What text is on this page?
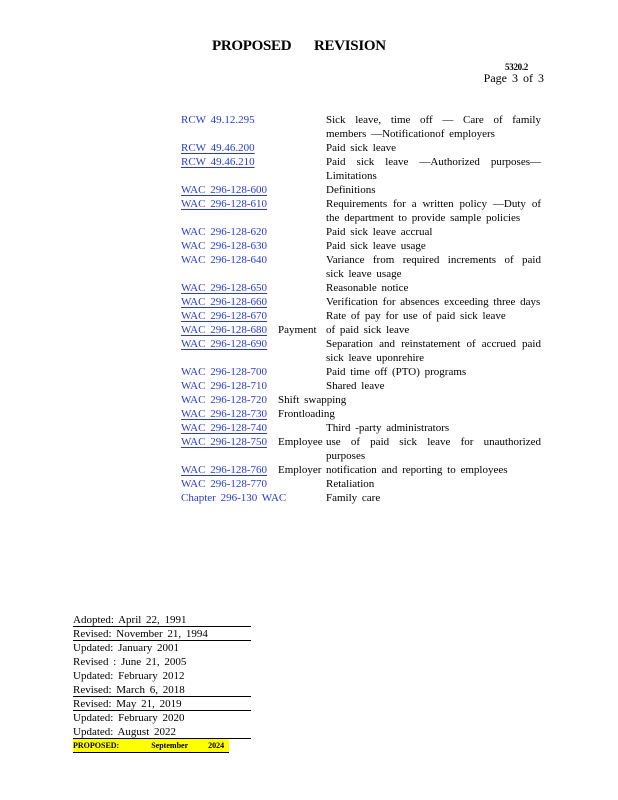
PROPOSED REVISION
5320.2
Page 3 of 3
RCW 49.12.295	Sick leave, time off — Care of family members —Notificationof employers
RCW 49.46.200	Paid sick leave
RCW 49.46.210	Paid sick leave —Authorized purposes— Limitations
WAC 296-128-600	Definitions
WAC 296-128-610	Requirements for a written policy —Duty of the department to provide sample policies
WAC 296-128-620	Paid sick leave accrual
WAC 296-128-630	Paid sick leave usage
WAC 296-128-640	Variance from required increments of paid sick leave usage
WAC 296-128-650	Reasonable notice
WAC 296-128-660	Verification for absences exceeding three days
WAC 296-128-670	Rate of pay for use of paid sick leave
WAC 296-128-680 Payment of paid sick leave
WAC 296-128-690	Separation and reinstatement of accrued paid sick leave uponrehire
WAC 296-128-700	Paid time off (PTO) programs
WAC 296-128-710	Shared leave
WAC 296-128-720 Shift swapping

WAC 296-128-730 Frontloading

WAC 296-128-740	Third -party administrators
WAC 296-128-750 Employee use of paid sick leave for unauthorized purposes
WAC 296-128-760 Employer notification and reporting to employees
WAC 296-128-770	Retaliation
Chapter 296-130 WAC	Family care
Adopted: April 22, 1991
Revised: November 21, 1994
Updated: January 2001
Revised : June 21, 2005
Updated: February 2012
Revised: March 6, 2018
Revised: May 21, 2019
Updated: February 2020
Updated: August 2022
PROPOSED:	September	2024
